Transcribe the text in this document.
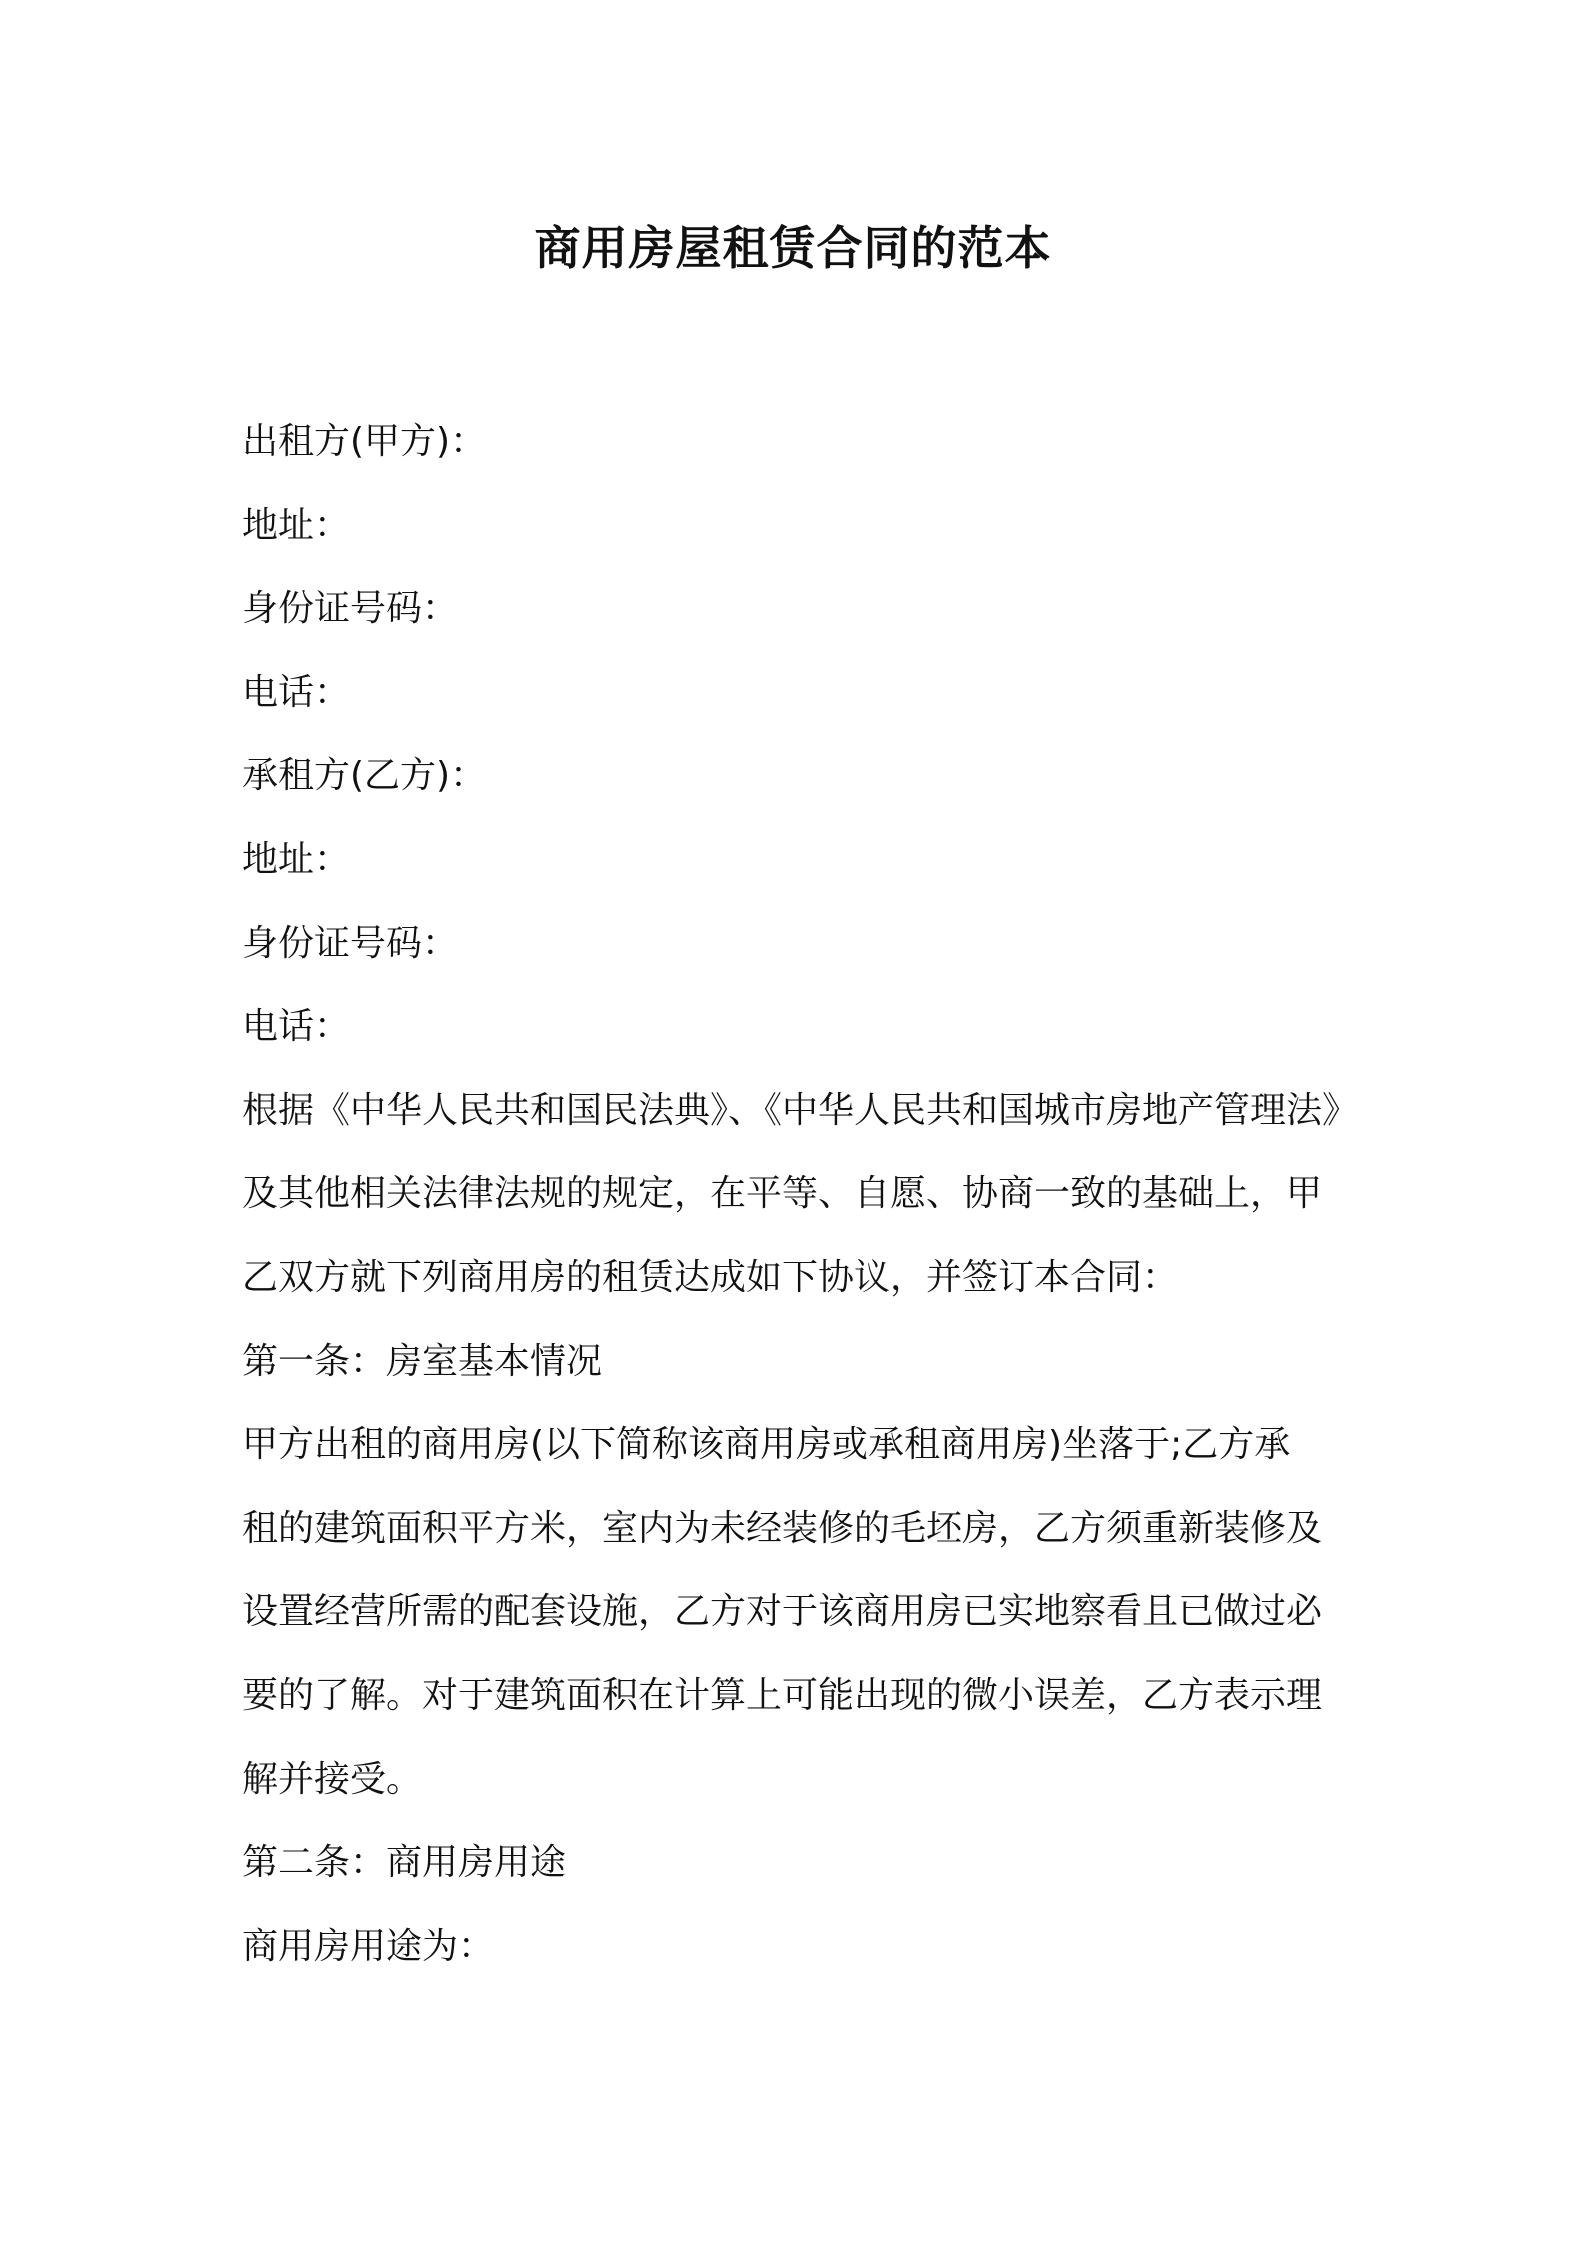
商用房屋租赁合同的范本
出租方(甲方)：
地址：
身份证号码：
电话：
承租方(乙方)：
地址：
身份证号码：
电话：
根据《中华人民共和国民法典》、《中华人民共和国城市房地产管理法》
及其他相关法律法规的规定，在平等、自愿、协商一致的基础上，甲
乙双方就下列商用房的租赁达成如下协议，并签订本合同：
第一条：房室基本情况
甲方出租的商用房(以下简称该商用房或承租商用房)坐落于;乙方承
租的建筑面积平方米，室内为未经装修的毛坯房，乙方须重新装修及
设置经营所需的配套设施，乙方对于该商用房已实地察看且已做过必
要的了解。对于建筑面积在计算上可能出现的微小误差，乙方表示理
解并接受。
第二条：商用房用途
商用房用途为：
